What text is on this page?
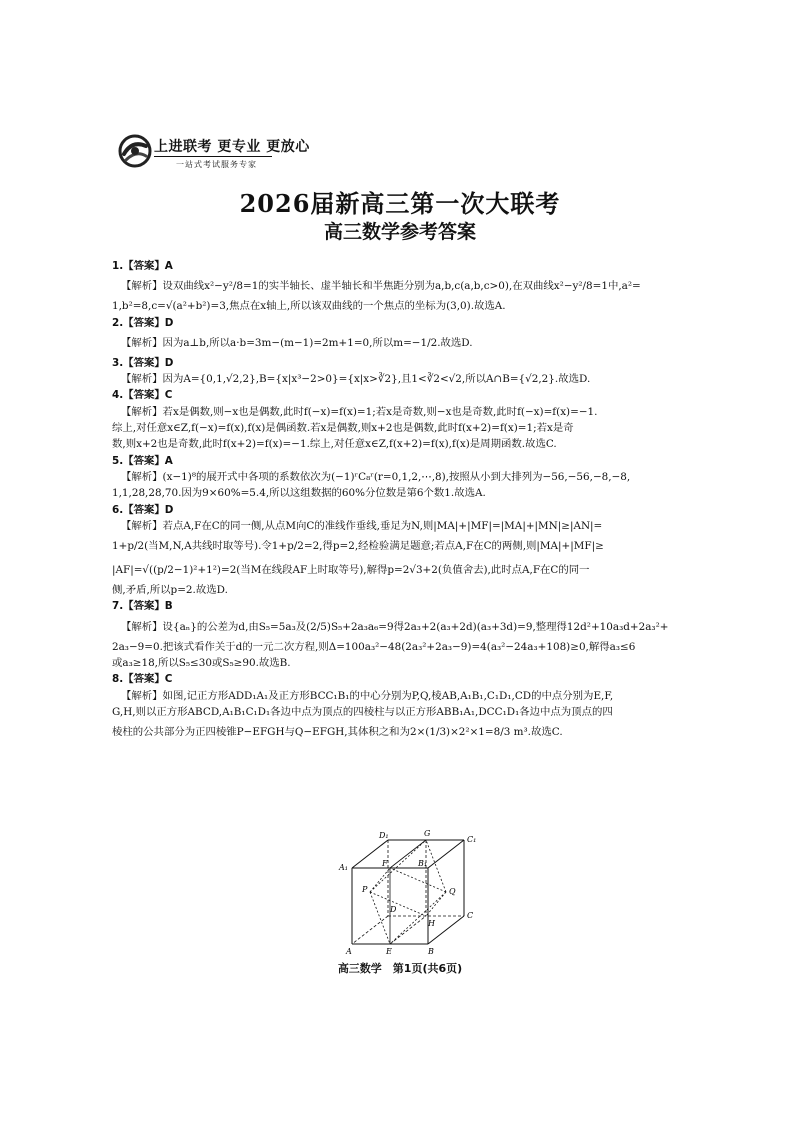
上进联考 更专业 更放心
一站式考试服务专家
2026届新高三第一次大联考
高三数学参考答案
1.【答案】A
【解析】设双曲线x²−y²/8=1的实半轴长、虚半轴长和半焦距分别为a,b,c(a,b,c>0),在双曲线x²−y²/8=1中,a²=
1,b²=8,c=√(a²+b²)=3,焦点在x轴上,所以该双曲线的一个焦点的坐标为(3,0).故选A.
2.【答案】D
【解析】因为a⊥b,所以a·b=3m−(m−1)=2m+1=0,所以m=−1/2.故选D.
3.【答案】D
【解析】因为A={0,1,√2,2},B={x|x³−2>0}={x|x>∛2},且1<∛2<√2,所以A∩B={√2,2}.故选D.
4.【答案】C
【解析】若x是偶数,则−x也是偶数,此时f(−x)=f(x)=1;若x是奇数,则−x也是奇数,此时f(−x)=f(x)=−1.
综上,对任意x∈Z,f(−x)=f(x),f(x)是偶函数.若x是偶数,则x+2也是偶数,此时f(x+2)=f(x)=1;若x是奇
数,则x+2也是奇数,此时f(x+2)=f(x)=−1.综上,对任意x∈Z,f(x+2)=f(x),f(x)是周期函数.故选C.
5.【答案】A
【解析】(x−1)⁸的展开式中各项的系数依次为(−1)ʳC₈ʳ(r=0,1,2,⋯,8),按照从小到大排列为−56,−56,−8,−8,
1,1,28,28,70.因为9×60%=5.4,所以这组数据的60%分位数是第6个数1.故选A.
6.【答案】D
【解析】若点A,F在C的同一侧,从点M向C的准线作垂线,垂足为N,则|MA|+|MF|=|MA|+|MN|≥|AN|=
1+p/2(当M,N,A共线时取等号).令1+p/2=2,得p=2,经检验满足题意;若点A,F在C的两侧,则|MA|+|MF|≥
|AF|=√((p/2−1)²+1²)=2(当M在线段AF上时取等号),解得p=2√3+2(负值舍去),此时点A,F在C的同一
侧,矛盾,所以p=2.故选D.
7.【答案】B
【解析】设{aₙ}的公差为d,由S₅=5a₃及(2/5)S₅+2a₃a₆=9得2a₃+2(a₃+2d)(a₃+3d)=9,整理得12d²+10a₃d+2a₃²+
2a₃−9=0.把该式看作关于d的一元二次方程,则Δ=100a₃²−48(2a₃²+2a₃−9)=4(a₃²−24a₃+108)≥0,解得a₃≤6
或a₃≥18,所以S₅≤30或S₅≥90.故选B.
8.【答案】C
【解析】如图,记正方形ADD₁A₁及正方形BCC₁B₁的中心分别为P,Q,棱AB,A₁B₁,C₁D₁,CD的中点分别为E,F,
G,H,则以正方形ABCD,A₁B₁C₁D₁各边中点为顶点的四棱柱与以正方形ABB₁A₁,DCC₁D₁各边中点为顶点的四
棱柱的公共部分为正四棱锥P−EFGH与Q−EFGH,其体积之和为2×(1/3)×2²×1=8/3 m³.故选C.
D₁	G
C₁
A₁	F	B₁
P	Q
D
C
H
A	E	B
高三数学　第1页(共6页)
